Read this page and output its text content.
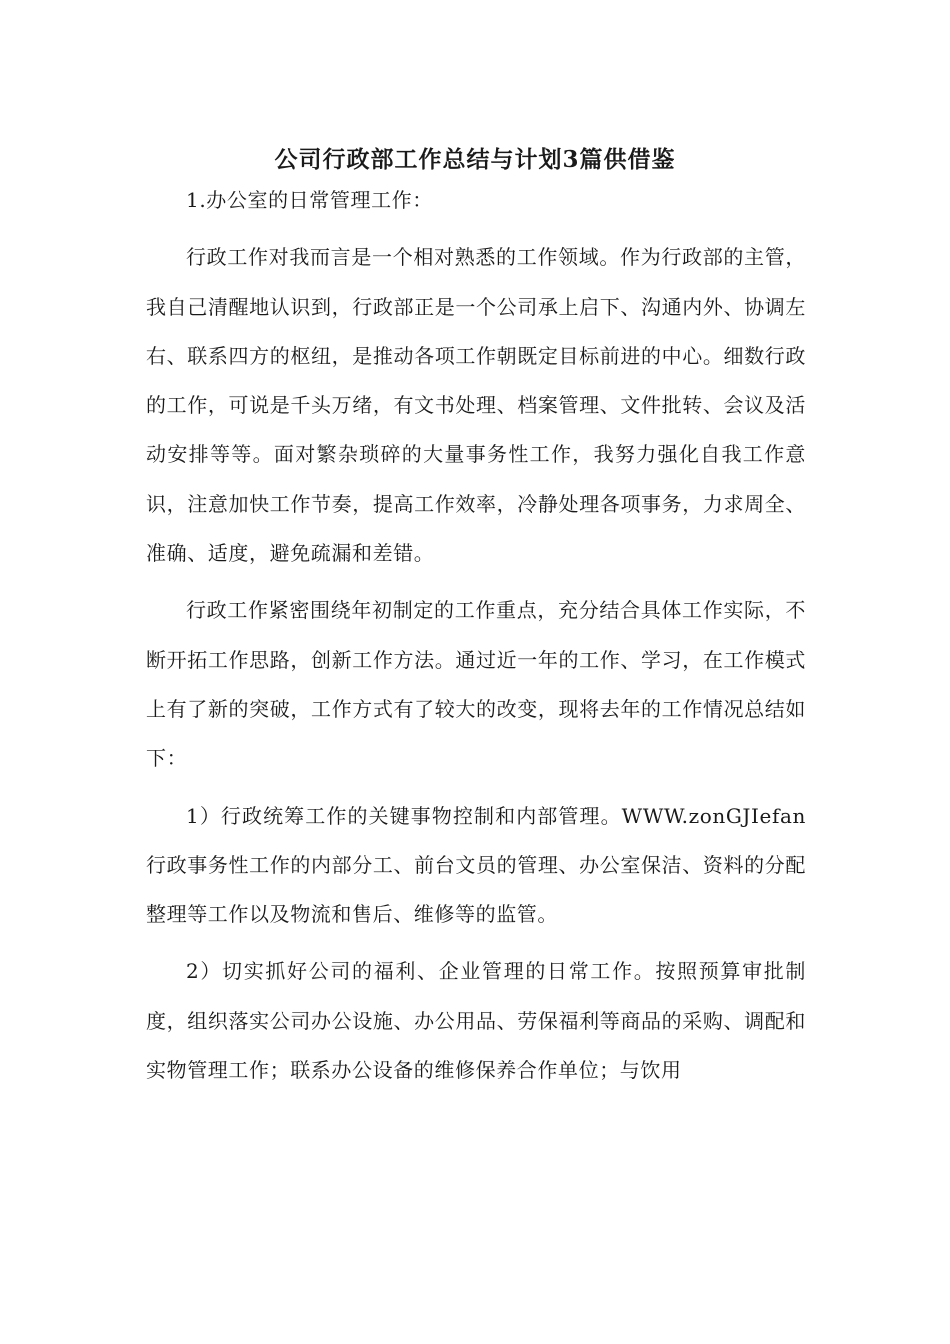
公司行政部工作总结与计划3篇供借鉴

1.办公室的日常管理工作：

行政工作对我而言是一个相对熟悉的工作领域。作为行政部的主管，我自己清醒地认识到，行政部正是一个公司承上启下、沟通内外、协调左右、联系四方的枢纽，是推动各项工作朝既定目标前进的中心。细数行政的工作，可说是千头万绪，有文书处理、档案管理、文件批转、会议及活动安排等等。面对繁杂琐碎的大量事务性工作，我努力强化自我工作意识，注意加快工作节奏，提高工作效率，冷静处理各项事务，力求周全、准确、适度，避免疏漏和差错。

行政工作紧密围绕年初制定的工作重点，充分结合具体工作实际，不断开拓工作思路，创新工作方法。通过近一年的工作、学习，在工作模式上有了新的突破，工作方式有了较大的改变，现将去年的工作情况总结如下：

1）行政统筹工作的关键事物控制和内部管理。WWW.zonGJIefan行政事务性工作的内部分工、前台文员的管理、办公室保洁、资料的分配整理等工作以及物流和售后、维修等的监管。

2）切实抓好公司的福利、企业管理的日常工作。按照预算审批制度，组织落实公司办公设施、办公用品、劳保福利等商品的采购、调配和实物管理工作；联系办公设备的维修保养合作单位；与饮用
